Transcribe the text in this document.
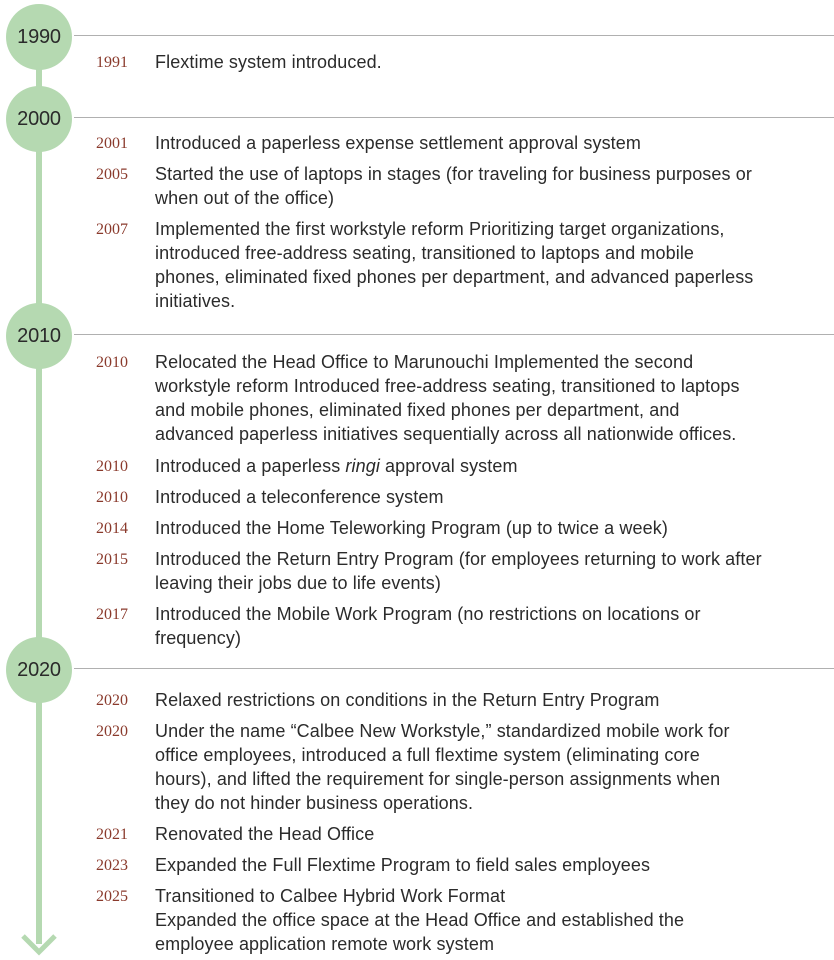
1990
1991	Flextime system introduced.
2000
2001	Introduced a paperless expense settlement approval system
2005	Started the use of laptops in stages (for traveling for business purposes or
when out of the office)
2007	Implemented the first workstyle reform Prioritizing target organizations,
introduced free-address seating, transitioned to laptops and mobile
phones, eliminated fixed phones per department, and advanced paperless
initiatives.
2010
2010	Relocated the Head Office to Marunouchi Implemented the second
workstyle reform Introduced free-address seating, transitioned to laptops
and mobile phones, eliminated fixed phones per department, and
advanced paperless initiatives sequentially across all nationwide offices.
2010	Introduced a paperless ringi approval system
2010	Introduced a teleconference system
2014	Introduced the Home Teleworking Program (up to twice a week)
2015	Introduced the Return Entry Program (for employees returning to work after
leaving their jobs due to life events)
2017	Introduced the Mobile Work Program (no restrictions on locations or
frequency)
2020
2020	Relaxed restrictions on conditions in the Return Entry Program
2020	Under the name “Calbee New Workstyle,” standardized mobile work for
office employees, introduced a full flextime system (eliminating core
hours), and lifted the requirement for single-person assignments when
they do not hinder business operations.
2021	Renovated the Head Office
2023	Expanded the Full Flextime Program to field sales employees
2025	Transitioned to Calbee Hybrid Work Format
Expanded the office space at the Head Office and established the
employee application remote work system
